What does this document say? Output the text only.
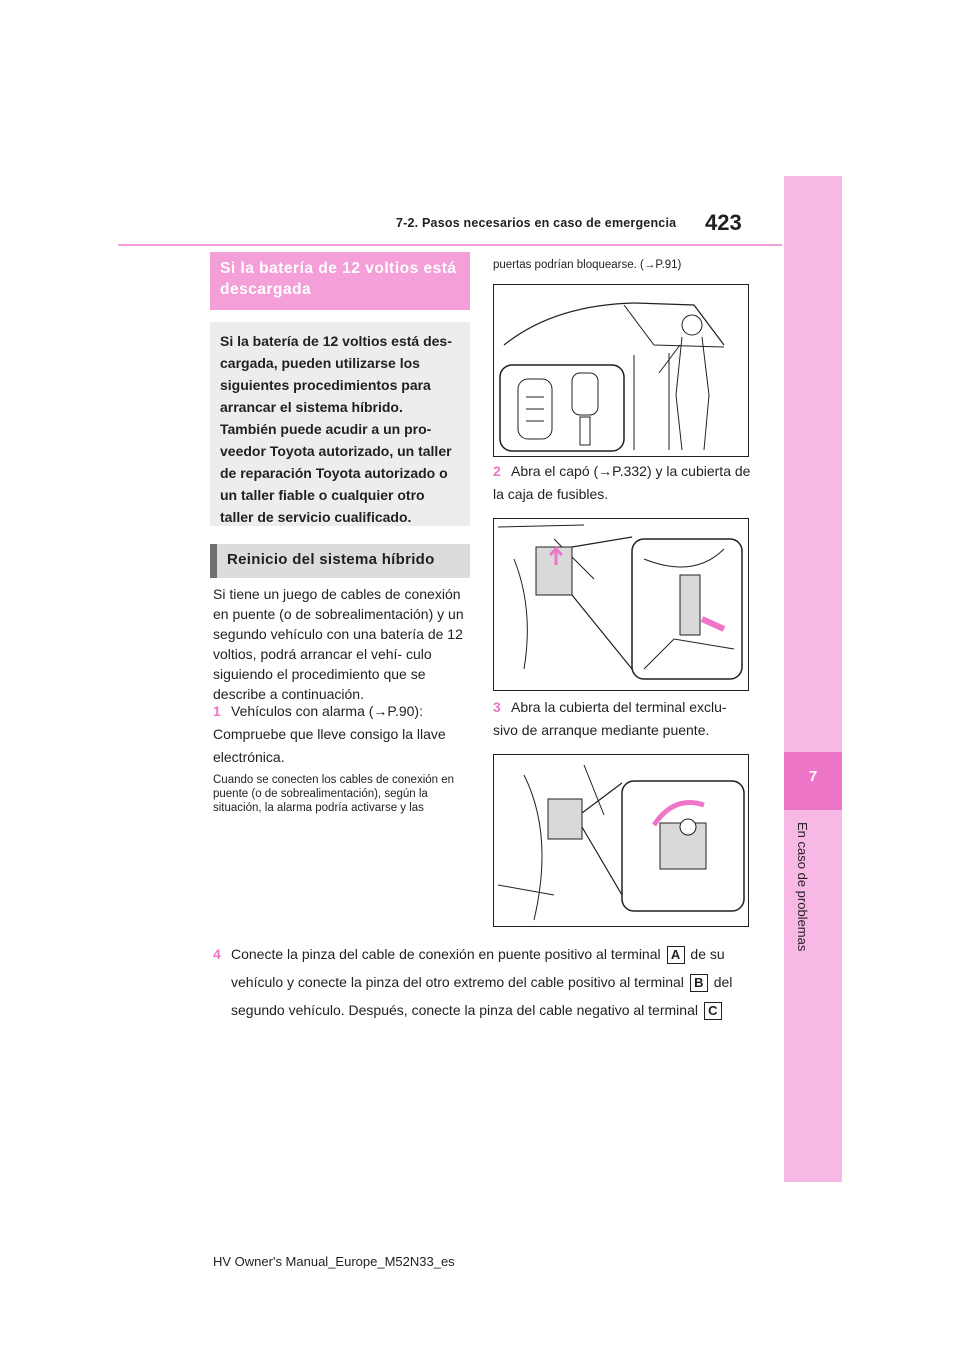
7-2. Pasos necesarios en caso de emergencia	423
7
En caso de problemas
Si la batería de 12 voltios está descargada
Si la batería de 12 voltios está des- cargada, pueden utilizarse los siguientes procedimientos para arrancar el sistema híbrido. También puede acudir a un pro- veedor Toyota autorizado, un taller de reparación Toyota autorizado o un taller fiable o cualquier otro taller de servicio cualificado.
Reinicio del sistema híbrido
Si tiene un juego de cables de conexión en puente (o de sobrealimentación) y un segundo vehículo con una batería de 12 voltios, podrá arrancar el vehí- culo siguiendo el procedimiento que se describe a continuación.
1 Vehículos con alarma (→P.90): Compruebe que lleve consigo la llave electrónica.
Cuando se conecten los cables de conexión en puente (o de sobrealimentación), según la situación, la alarma podría activarse y las
puertas podrían bloquearse. (→P.91)
2 Abra el capó (→P.332) y la cubierta de la caja de fusibles.
3 Abra la cubierta del terminal exclu- sivo de arranque mediante puente.
4 Conecte la pinza del cable de conexión en puente positivo al terminal A de su
vehículo y conecte la pinza del otro extremo del cable positivo al terminal B del
segundo vehículo. Después, conecte la pinza del cable negativo al terminal C
HV Owner's Manual_Europe_M52N33_es
